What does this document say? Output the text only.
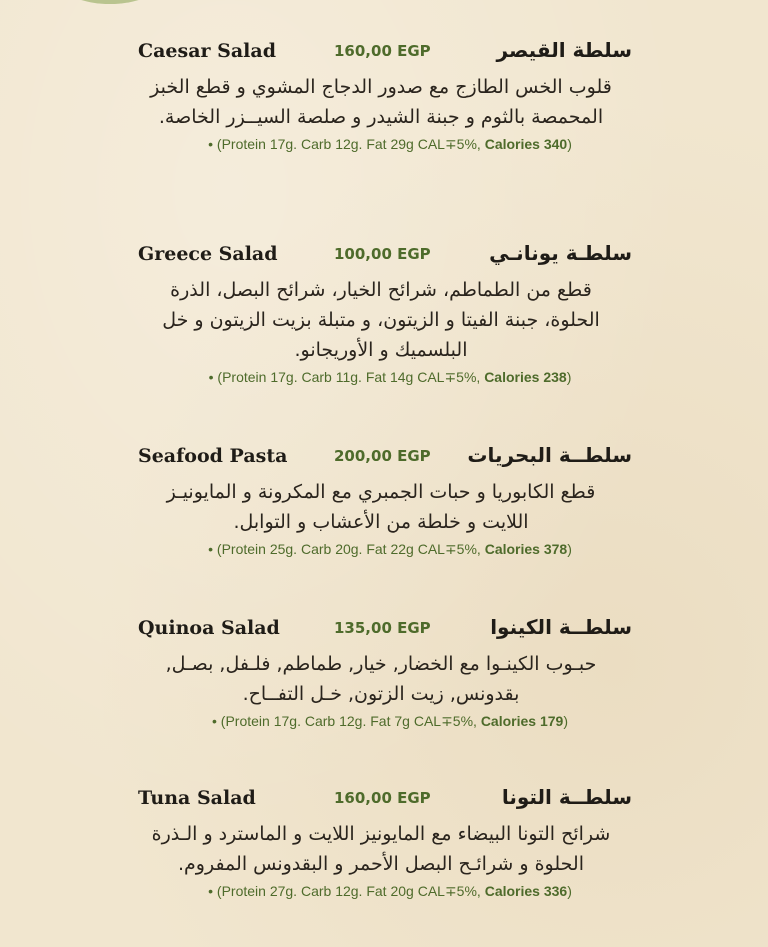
Caesar Salad	160,00 EGP	سلطة القيصر
قلوب الخس الطازج مع صدور الدجاج المشوي و قطع الخبز المحمصة بالثوم و جبنة الشيدر و صلصة السيــزر الخاصة.
• (Protein 17g. Carb 12g. Fat 29g CAL∓5%, Calories 340)
Greece Salad	100,00 EGP	سلطـة يونانـي
قطع من الطماطم، شرائح الخيار، شرائح البصل، الذرة الحلوة، جبنة الفيتا و الزيتون، و متبلة بزيت الزيتون و خل البلسميك و الأوريجانو.
• (Protein 17g. Carb 11g. Fat 14g CAL∓5%, Calories 238)
Seafood Pasta	200,00 EGP سلطــة البحريات
قطع الكابوريا و حبات الجمبري مع المكرونة و المايونيـز اللايت و خلطة من الأعشاب و التوابل.
• (Protein 25g. Carb 20g. Fat 22g CAL∓5%, Calories 378)
Quinoa Salad	135,00 EGP	سلطــة الكينوا
حبـوب الكينـوا مع الخضار, خيار, طماطم, فلـفل, بصـل, بقدونس, زيت الزتون, خـل التفــاح.
• (Protein 17g. Carb 12g. Fat 7g CAL∓5%, Calories 179)
Tuna Salad	160,00 EGP	سلطــة التونا
شرائح التونا البيضاء مع المايونيز اللايت و الماسترد و الـذرة الحلوة و شرائـح البصل الأحمر و البقدونس المفروم.
• (Protein 27g. Carb 12g. Fat 20g CAL∓5%, Calories 336)
